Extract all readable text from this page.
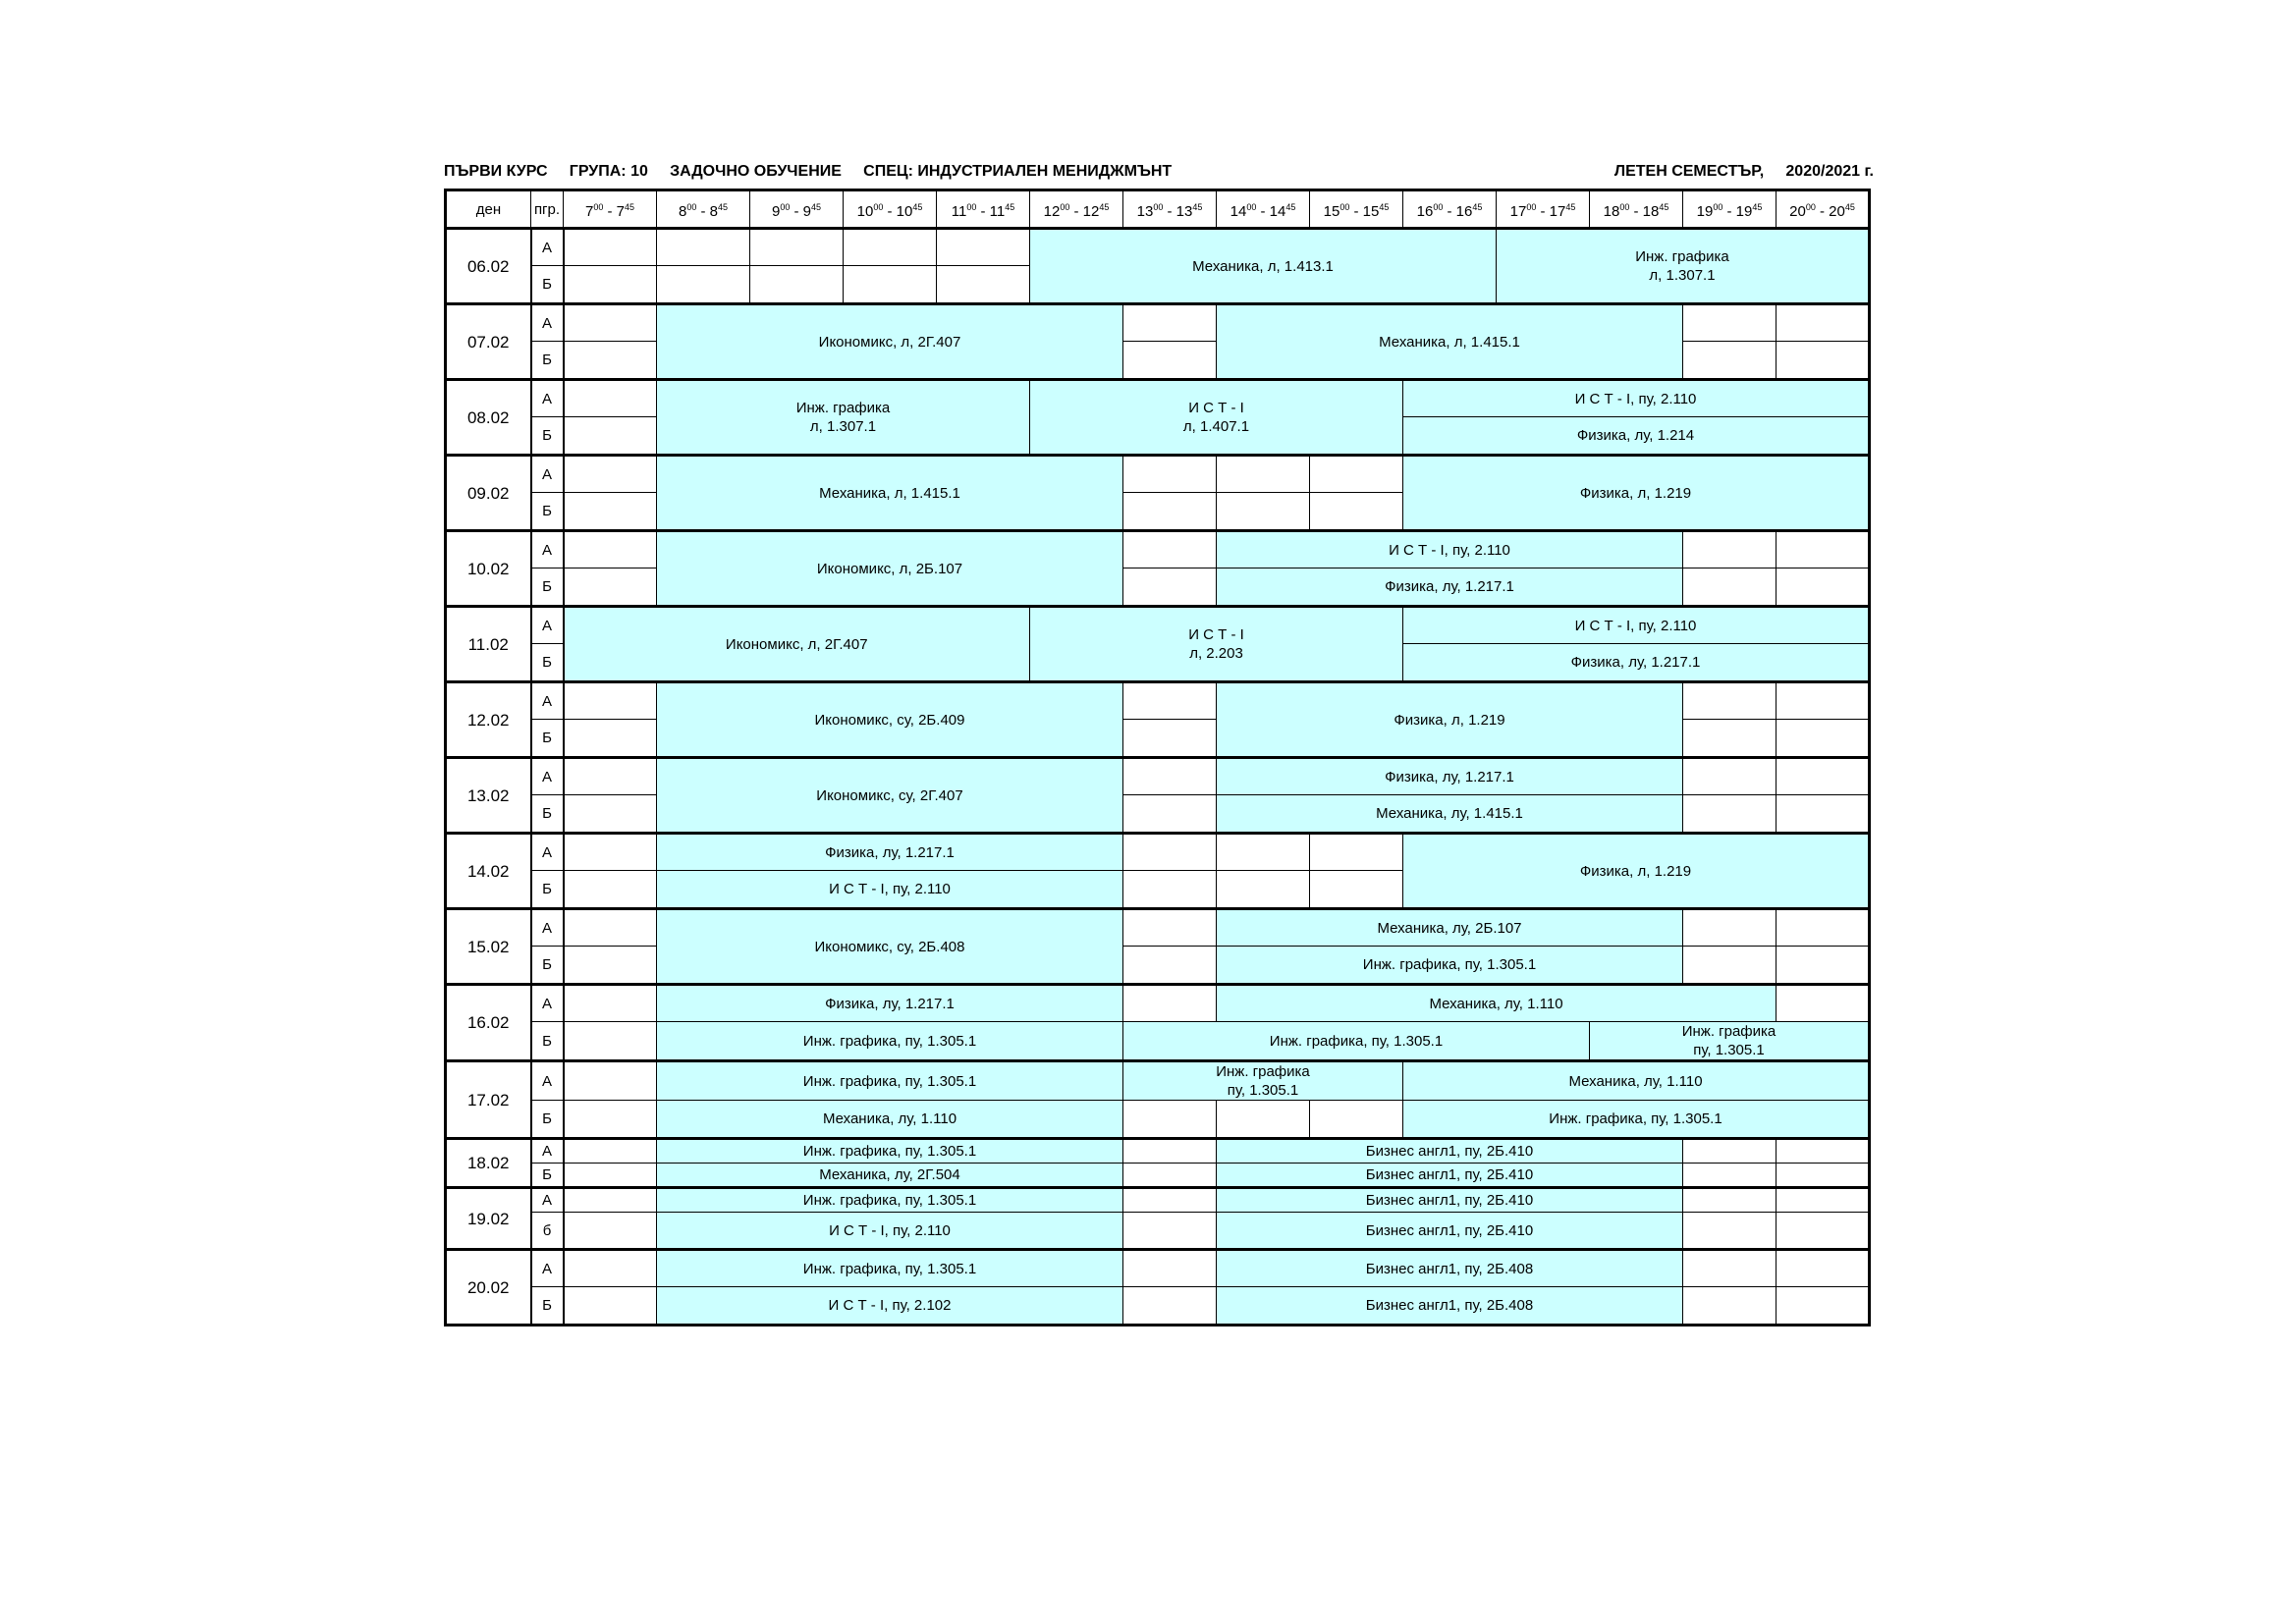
ПЪРВИ КУРС     ГРУПА: 10     ЗАДОЧНО ОБУЧЕНИЕ     СПЕЦ: ИНДУСТРИАЛЕН МЕНИДЖМЪНТ	ЛЕТЕН СЕМЕСТЪР,     2020/2021 г.
ден	пгр.	$7^{00} - 7^{45}$	$8^{00} - 8^{45}$	$9^{00} - 9^{45}$	$10^{00} - 10^{45}$	$11^{00} - 11^{45}$	$12^{00} - 12^{45}$	$13^{00} - 13^{45}$	$14^{00} - 14^{45}$	$15^{00} - 15^{45}$	$16^{00} - 16^{45}$	$17^{00} - 17^{45}$	$18^{00} - 18^{45}$	$19^{00} - 19^{45}$	$20^{00} - 20^{45}$
06.02	А						Механика, л, 1.413.1					Инж. графика
л, 1.307.1			
	Б														
07.02	А		Икономикс, л, 2Г.407						Механика, л, 1.415.1						
	Б														
08.02	А		Инж. графика
л, 1.307.1				И С Т - I
л, 1.407.1				И С Т - I, пу, 2.110				
	Б										Физика, лу, 1.214				
09.02	А		Механика, л, 1.415.1								Физика, л, 1.219				
	Б														
10.02	А		Икономикс, л, 2Б.107						И С Т - I, пу, 2.110						
	Б								Физика, лу, 1.217.1						
11.02	А	Икономикс, л, 2Г.407					И С Т - I
л, 2.203				И С Т - I, пу, 2.110				
	Б										Физика, лу, 1.217.1				
12.02	А		Икономикс, су, 2Б.409						Физика, л, 1.219						
	Б														
13.02	А		Икономикс, су, 2Г.407						Физика, лу, 1.217.1						
	Б								Механика, лу, 1.415.1						
14.02	А		Физика, лу, 1.217.1								Физика, л, 1.219				
	Б		И С Т - I, пу, 2.110												
15.02	А		Икономикс, су, 2Б.408						Механика, лу, 2Б.107						
	Б								Инж. графика, пу, 1.305.1						
16.02	А		Физика, лу, 1.217.1						Механика, лу, 1.110						
	Б		Инж. графика, пу, 1.305.1					Инж. графика, пу, 1.305.1					Инж. графика
пу, 1.305.1		
17.02	А		Инж. графика, пу, 1.305.1					Инж. графика
пу, 1.305.1			Механика, лу, 1.110				
	Б		Механика, лу, 1.110								Инж. графика, пу, 1.305.1				
18.02	А		Инж. графика, пу, 1.305.1						Бизнес англ1, пу, 2Б.410						
	Б		Механика, лу, 2Г.504						Бизнес англ1, пу, 2Б.410						
19.02	А		Инж. графика, пу, 1.305.1						Бизнес англ1, пу, 2Б.410						
	б		И С Т - I, пу, 2.110						Бизнес англ1, пу, 2Б.410						
20.02	А		Инж. графика, пу, 1.305.1						Бизнес англ1, пу, 2Б.408						
	Б		И С Т - I, пу, 2.102						Бизнес англ1, пу, 2Б.408						
